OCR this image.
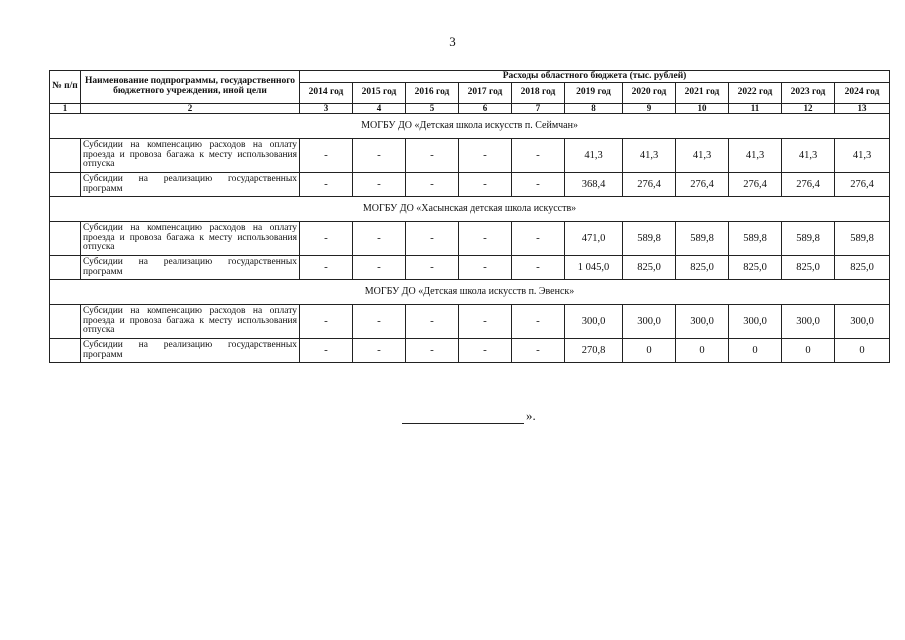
3
№ п/п	Наименование подпрограммы, государственного бюджетного учреждения, иной цели	Расходы областного бюджета (тыс. рублей)										
		2014 год	2015 год	2016 год	2017 год	2018 год	2019 год	2020 год	2021 год	2022 год	2023 год	2024 год
1	2	3	4	5	6	7	8	9	10	11	12	13
МОГБУ ДО «Детская школа искусств п. Сеймчан»												
	Субсидии на компенсацию расходов на оплату проезда и провоза багажа к месту использования отпуска	-	-	-	-	-	41,3	41,3	41,3	41,3	41,3	41,3
	Субсидии на реализацию государственных программ	-	-	-	-	-	368,4	276,4	276,4	276,4	276,4	276,4
МОГБУ ДО «Хасынская детская школа искусств»												
	Субсидии на компенсацию расходов на оплату проезда и провоза багажа к месту использования отпуска	-	-	-	-	-	471,0	589,8	589,8	589,8	589,8	589,8
	Субсидии на реализацию государственных программ	-	-	-	-	-	1 045,0	825,0	825,0	825,0	825,0	825,0
МОГБУ ДО «Детская школа искусств п. Эвенск»												
	Субсидии на компенсацию расходов на оплату проезда и провоза багажа к месту использования отпуска	-	-	-	-	-	300,0	300,0	300,0	300,0	300,0	300,0
	Субсидии на реализацию государственных программ	-	-	-	-	-	270,8	0	0	0	0	0
».
